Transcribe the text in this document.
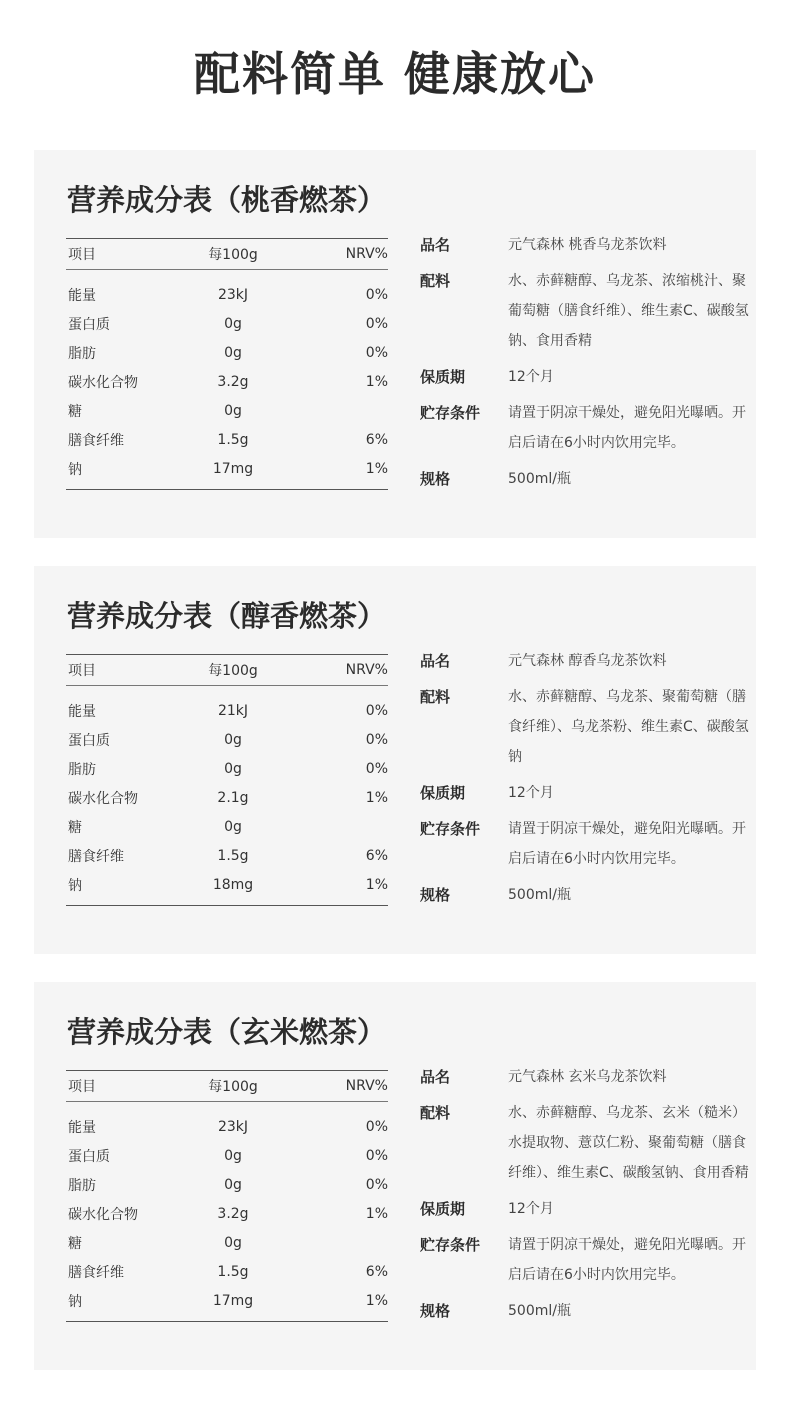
配料简单 健康放心
营养成分表（桃香燃茶）
项目	每100g	NRV%
能量	23kJ	0%
蛋白质	0g	0%
脂肪	0g	0%
碳水化合物	3.2g	1%
糖	0g
膳食纤维	1.5g	6%
钠	17mg	1%
品名	元气森林 桃香乌龙茶饮料
配料	水、赤藓糖醇、乌龙茶、浓缩桃汁、聚葡萄糖（膳食纤维）、维生素C、碳酸氢钠、食用香精
保质期	12个月
贮存条件	请置于阴凉干燥处，避免阳光曝晒。开启后请在6小时内饮用完毕。
规格	500ml/瓶
营养成分表（醇香燃茶）
项目	每100g	NRV%
能量	21kJ	0%
蛋白质	0g	0%
脂肪	0g	0%
碳水化合物	2.1g	1%
糖	0g
膳食纤维	1.5g	6%
钠	18mg	1%
品名	元气森林 醇香乌龙茶饮料
配料	水、赤藓糖醇、乌龙茶、聚葡萄糖（膳食纤维）、乌龙茶粉、维生素C、碳酸氢钠
保质期	12个月
贮存条件	请置于阴凉干燥处，避免阳光曝晒。开启后请在6小时内饮用完毕。
规格	500ml/瓶
营养成分表（玄米燃茶）
项目	每100g	NRV%
能量	23kJ	0%
蛋白质	0g	0%
脂肪	0g	0%
碳水化合物	3.2g	1%
糖	0g
膳食纤维	1.5g	6%
钠	17mg	1%
品名	元气森林 玄米乌龙茶饮料
配料	水、赤藓糖醇、乌龙茶、玄米（糙米）水提取物、薏苡仁粉、聚葡萄糖（膳食纤维）、维生素C、碳酸氢钠、食用香精
保质期	12个月
贮存条件	请置于阴凉干燥处，避免阳光曝晒。开启后请在6小时内饮用完毕。
规格	500ml/瓶
